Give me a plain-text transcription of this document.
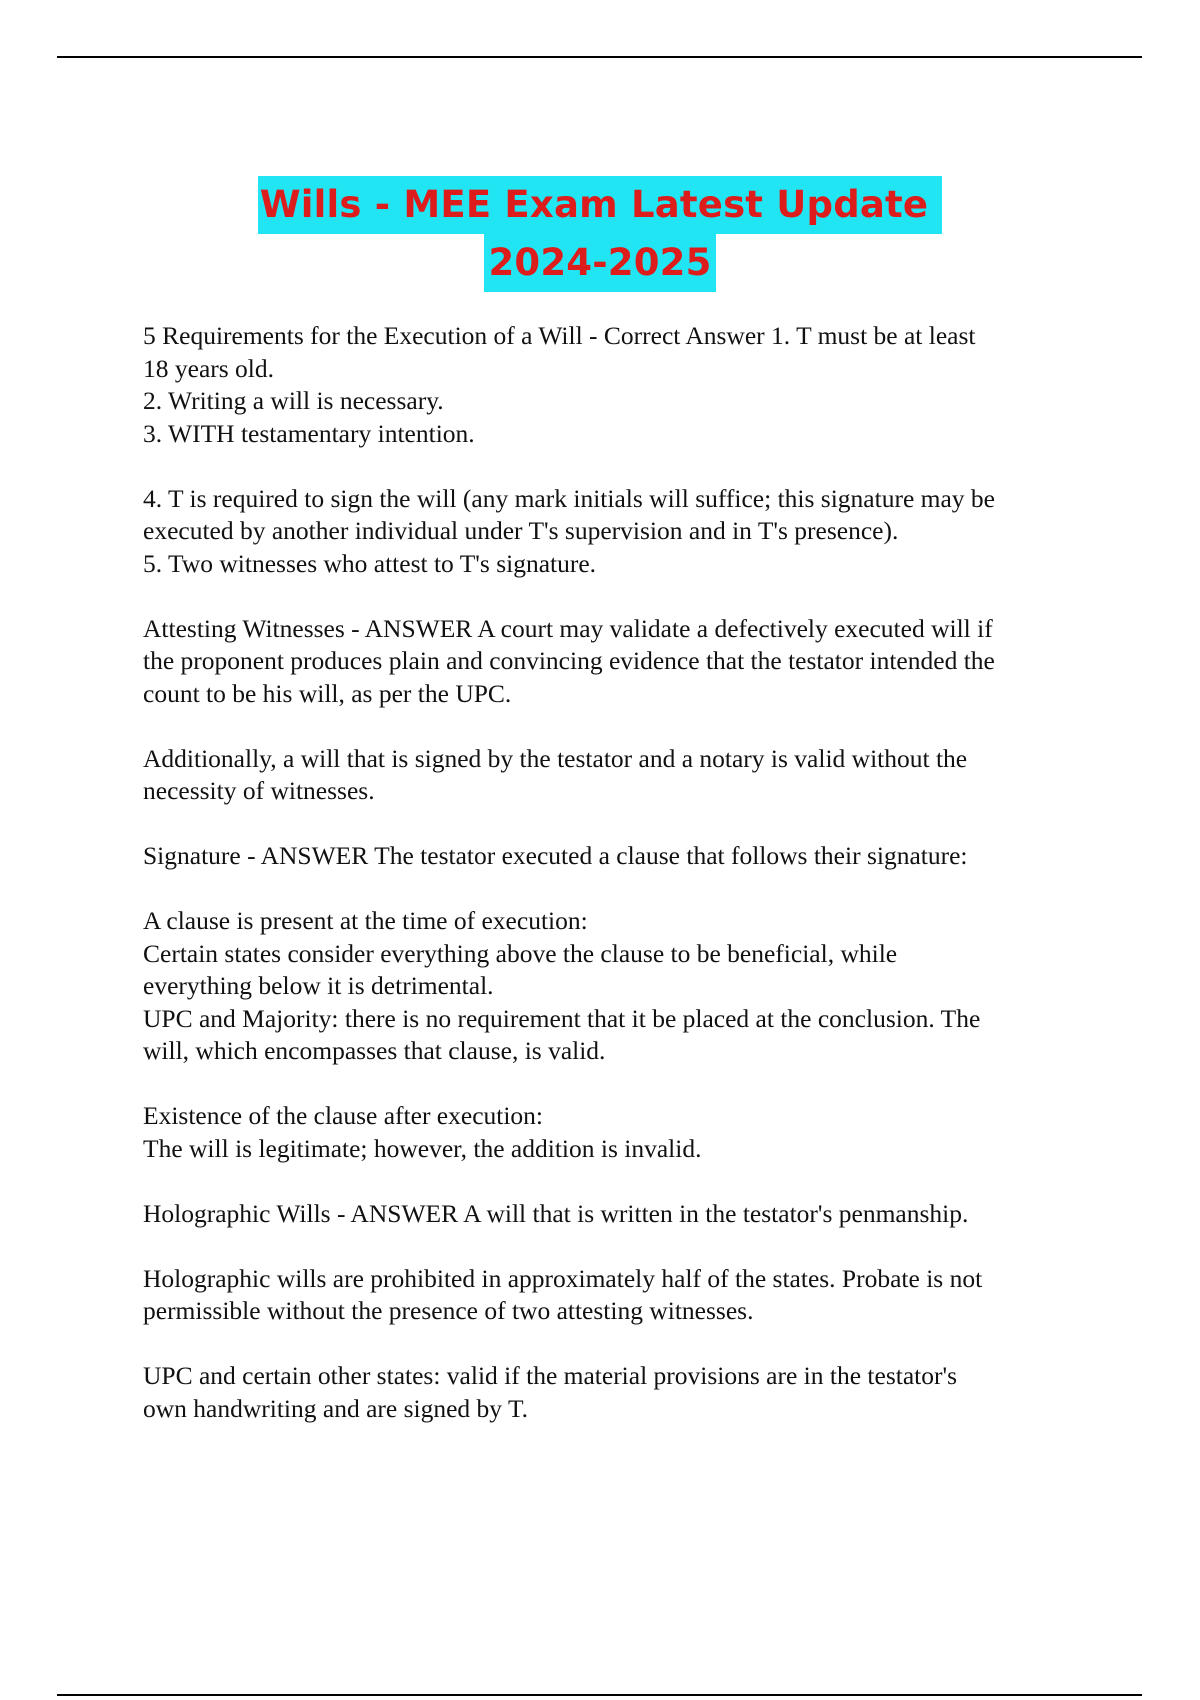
Wills - MEE Exam Latest Update
2024-2025
5 Requirements for the Execution of a Will - Correct Answer 1. T must be at least
18 years old.
2. Writing a will is necessary.
3. WITH testamentary intention.
4. T is required to sign the will (any mark initials will suffice; this signature may be
executed by another individual under T's supervision and in T's presence).
5. Two witnesses who attest to T's signature.
Attesting Witnesses - ANSWER A court may validate a defectively executed will if
the proponent produces plain and convincing evidence that the testator intended the
count to be his will, as per the UPC.
Additionally, a will that is signed by the testator and a notary is valid without the
necessity of witnesses.
Signature - ANSWER The testator executed a clause that follows their signature:
A clause is present at the time of execution:
Certain states consider everything above the clause to be beneficial, while
everything below it is detrimental.
UPC and Majority: there is no requirement that it be placed at the conclusion. The
will, which encompasses that clause, is valid.
Existence of the clause after execution:
The will is legitimate; however, the addition is invalid.
Holographic Wills - ANSWER A will that is written in the testator's penmanship.
Holographic wills are prohibited in approximately half of the states. Probate is not
permissible without the presence of two attesting witnesses.
UPC and certain other states: valid if the material provisions are in the testator's
own handwriting and are signed by T.
